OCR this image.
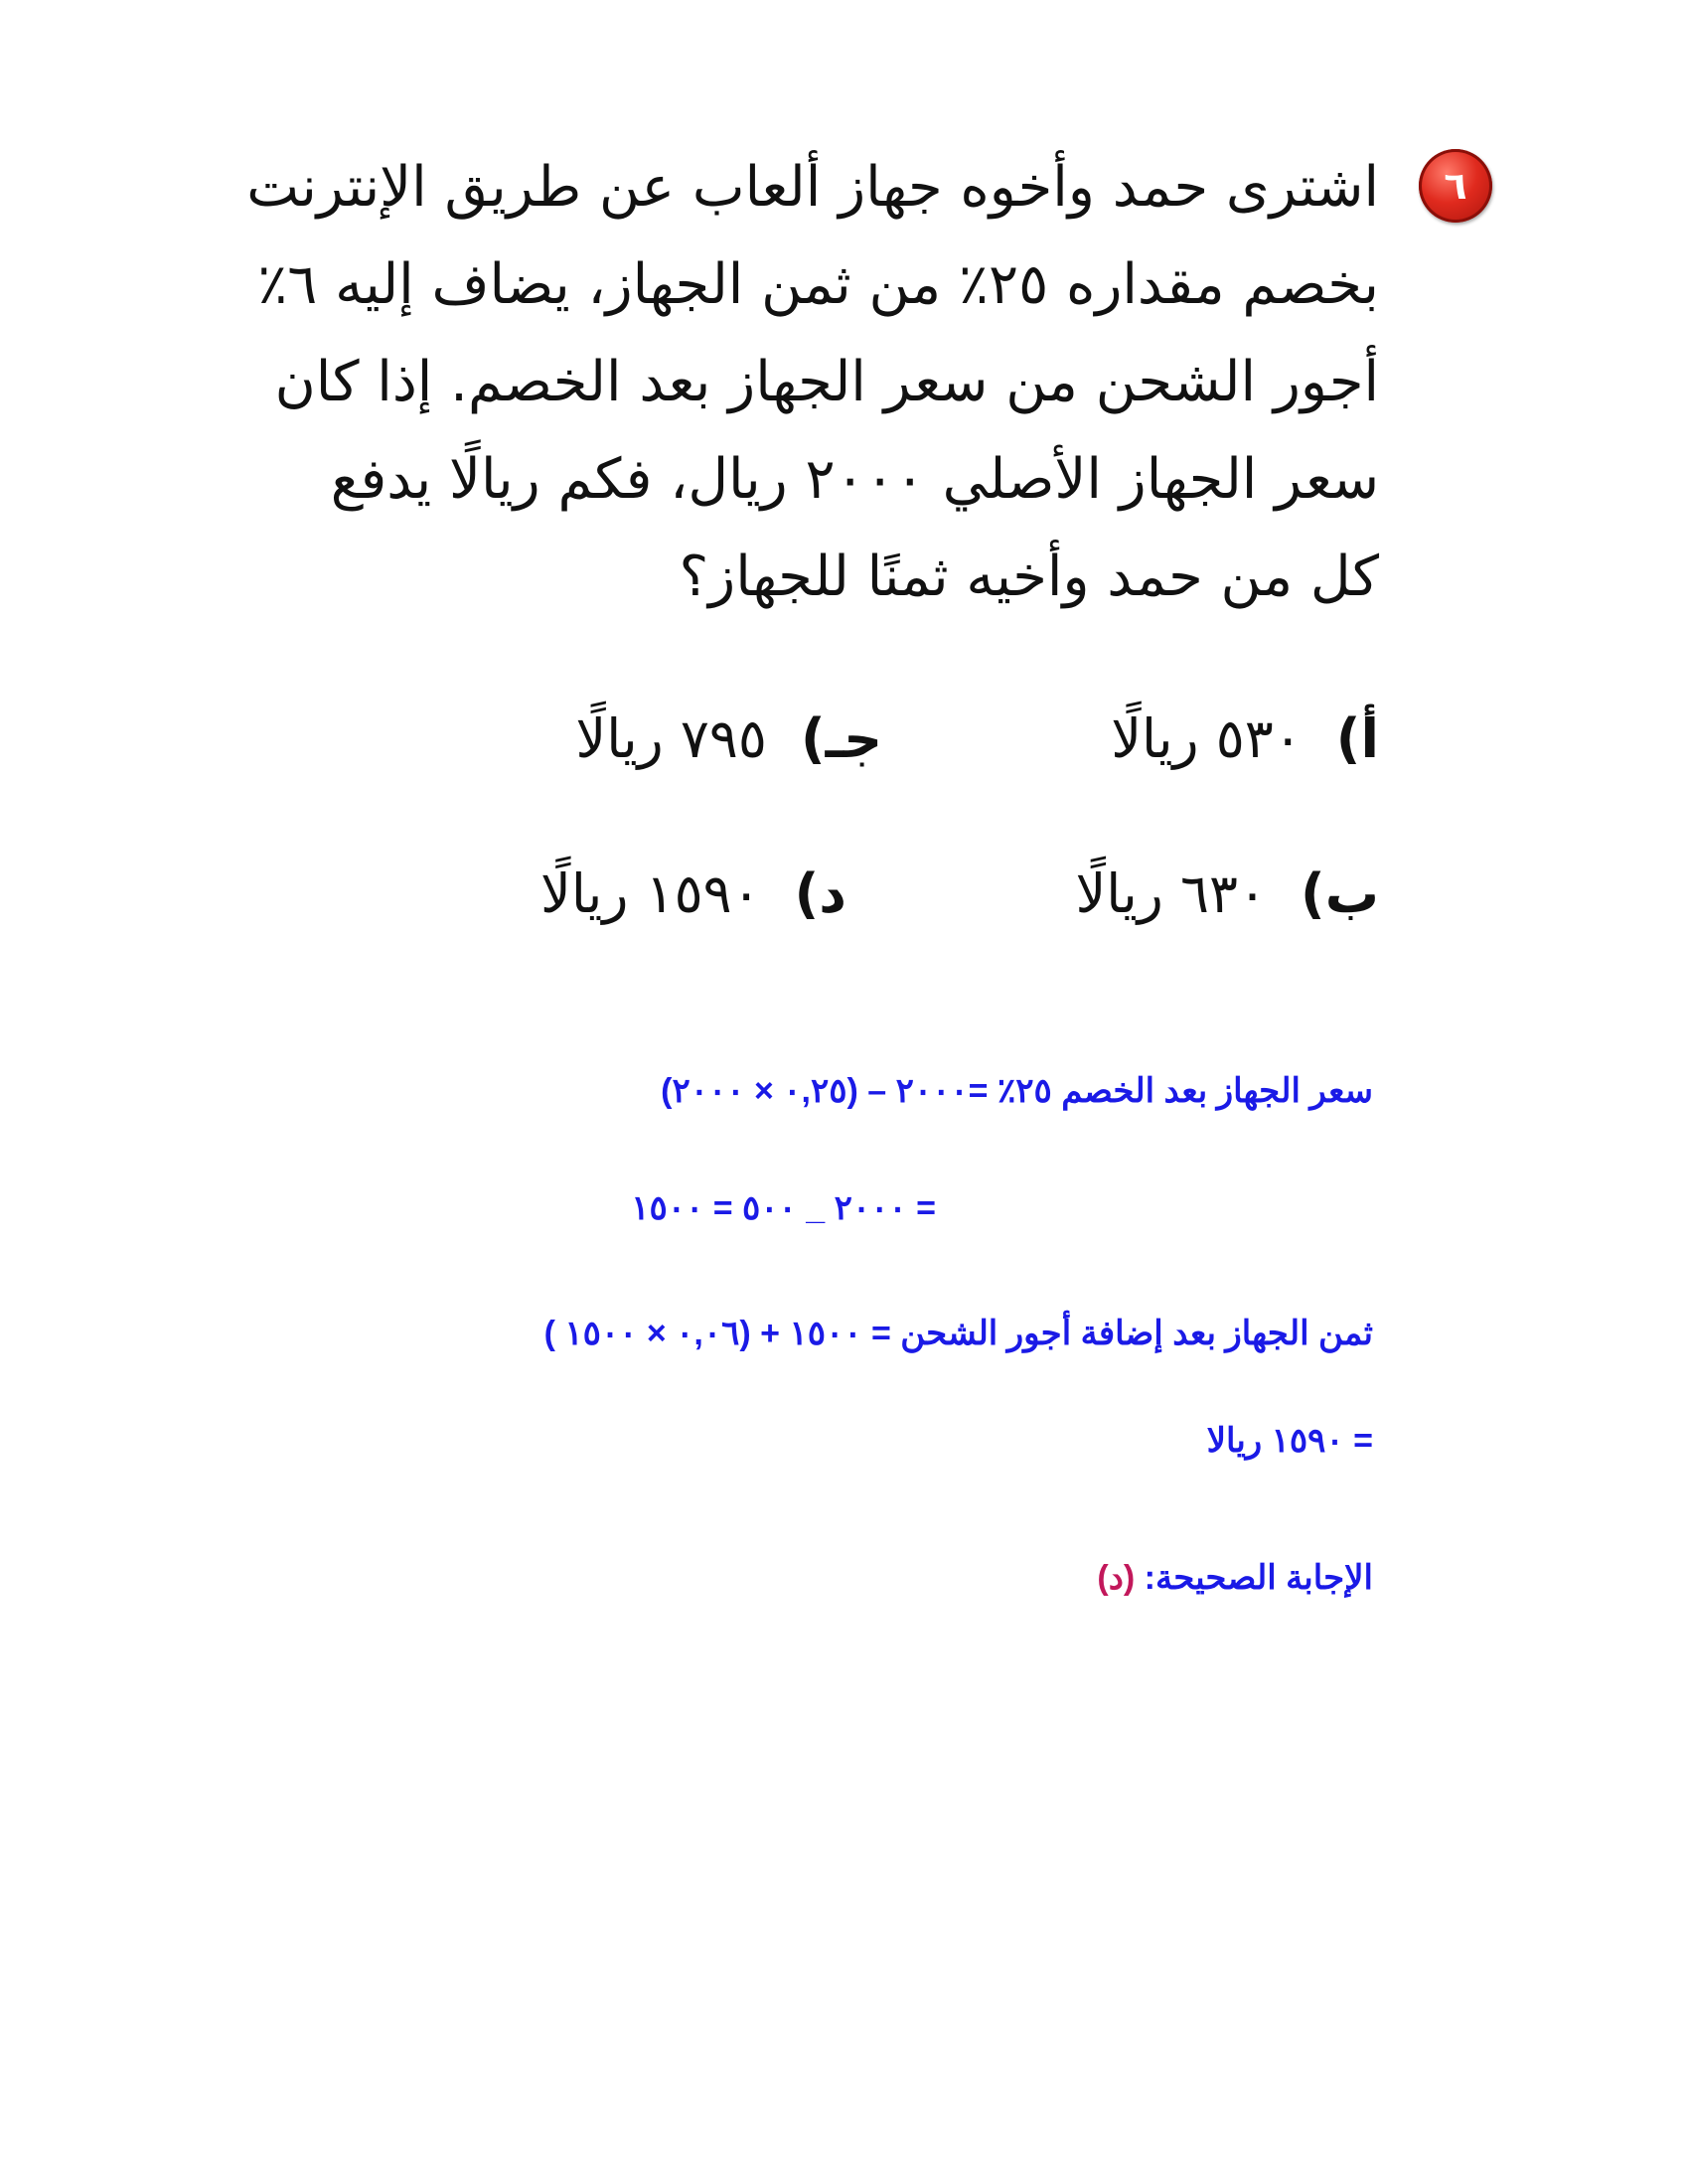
٦

اشترى حمد وأخوه جهاز ألعاب عن طريق الإنترنت

بخصم مقداره ٢٥٪ من ثمن الجهاز، يضاف إليه ٦٪

أجور الشحن من سعر الجهاز بعد الخصم. إذا كان

سعر الجهاز الأصلي ٢٠٠٠ ريال، فكم ريالًا يدفع

كل من حمد وأخيه ثمنًا للجهاز؟

أ)
٥٣٠ ريالًا
جـ)
٧٩٥ ريالًا
ب)
٦٣٠ ريالًا
د)
١٥٩٠ ريالًا
سعر الجهاز بعد الخصم ٢٥٪ =٢٠٠٠ – (٠,٢٥ × ٢٠٠٠)
= ٢٠٠٠ _ ٥٠٠ = ١٥٠٠
ثمن الجهاز بعد إضافة أجور الشحن = ١٥٠٠ + (٠,٠٦ × ١٥٠٠ )
= ١٥٩٠ ريالا
الإجابة الصحيحة: (د)
